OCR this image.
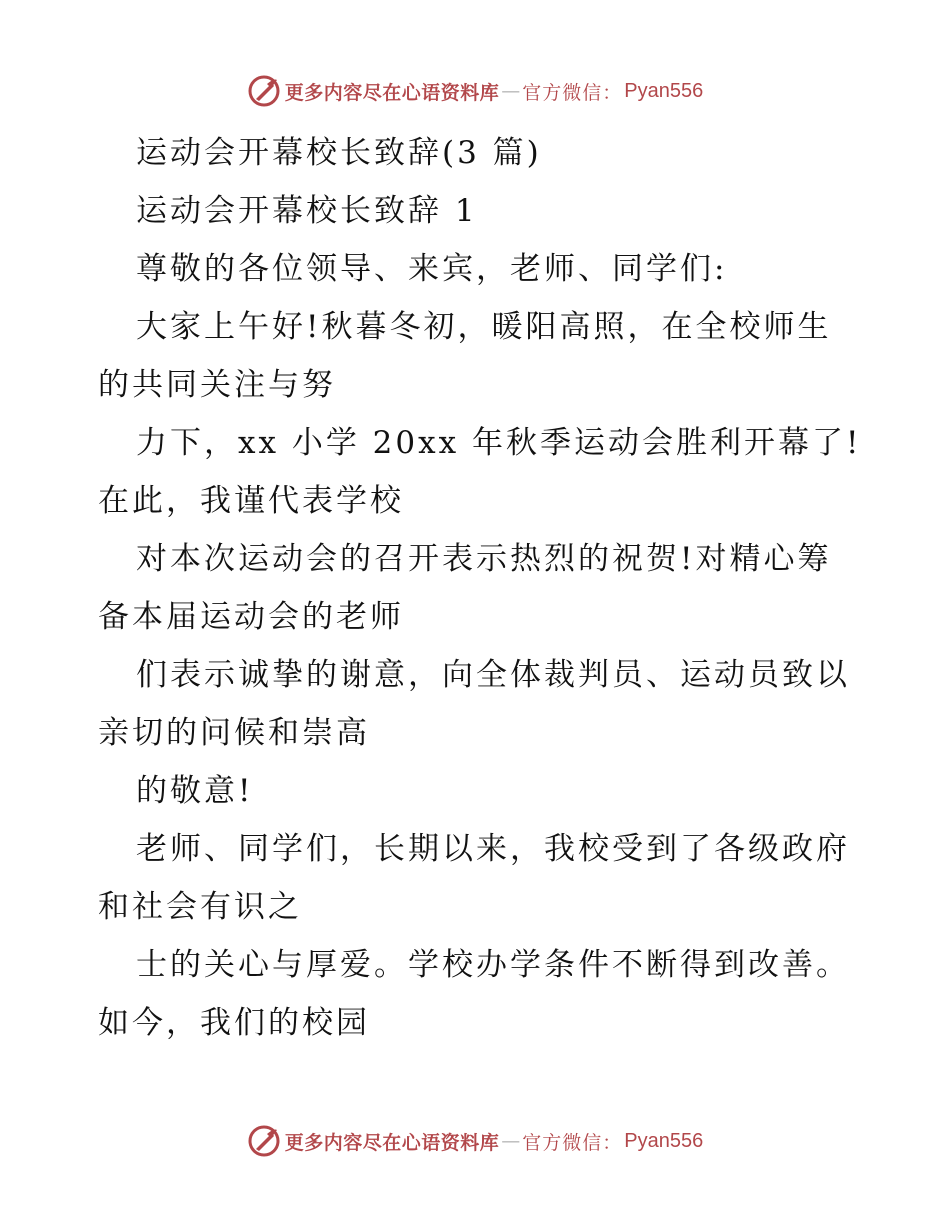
更多内容尽在心语资料库 — 官方微信： Pyan556

运动会开幕校长致辞(3 篇)

运动会开幕校长致辞 1

尊敬的各位领导、来宾，老师、同学们:

大家上午好!秋暮冬初，暖阳高照，在全校师生
的共同关注与努

力下，xx 小学 20xx 年秋季运动会胜利开幕了!
在此，我谨代表学校

对本次运动会的召开表示热烈的祝贺!对精心筹
备本届运动会的老师

们表示诚挚的谢意，向全体裁判员、运动员致以
亲切的问候和崇高

的敬意!

老师、同学们，长期以来，我校受到了各级政府
和社会有识之

士的关心与厚爱。学校办学条件不断得到改善。
如今，我们的校园

更多内容尽在心语资料库 — 官方微信： Pyan556
